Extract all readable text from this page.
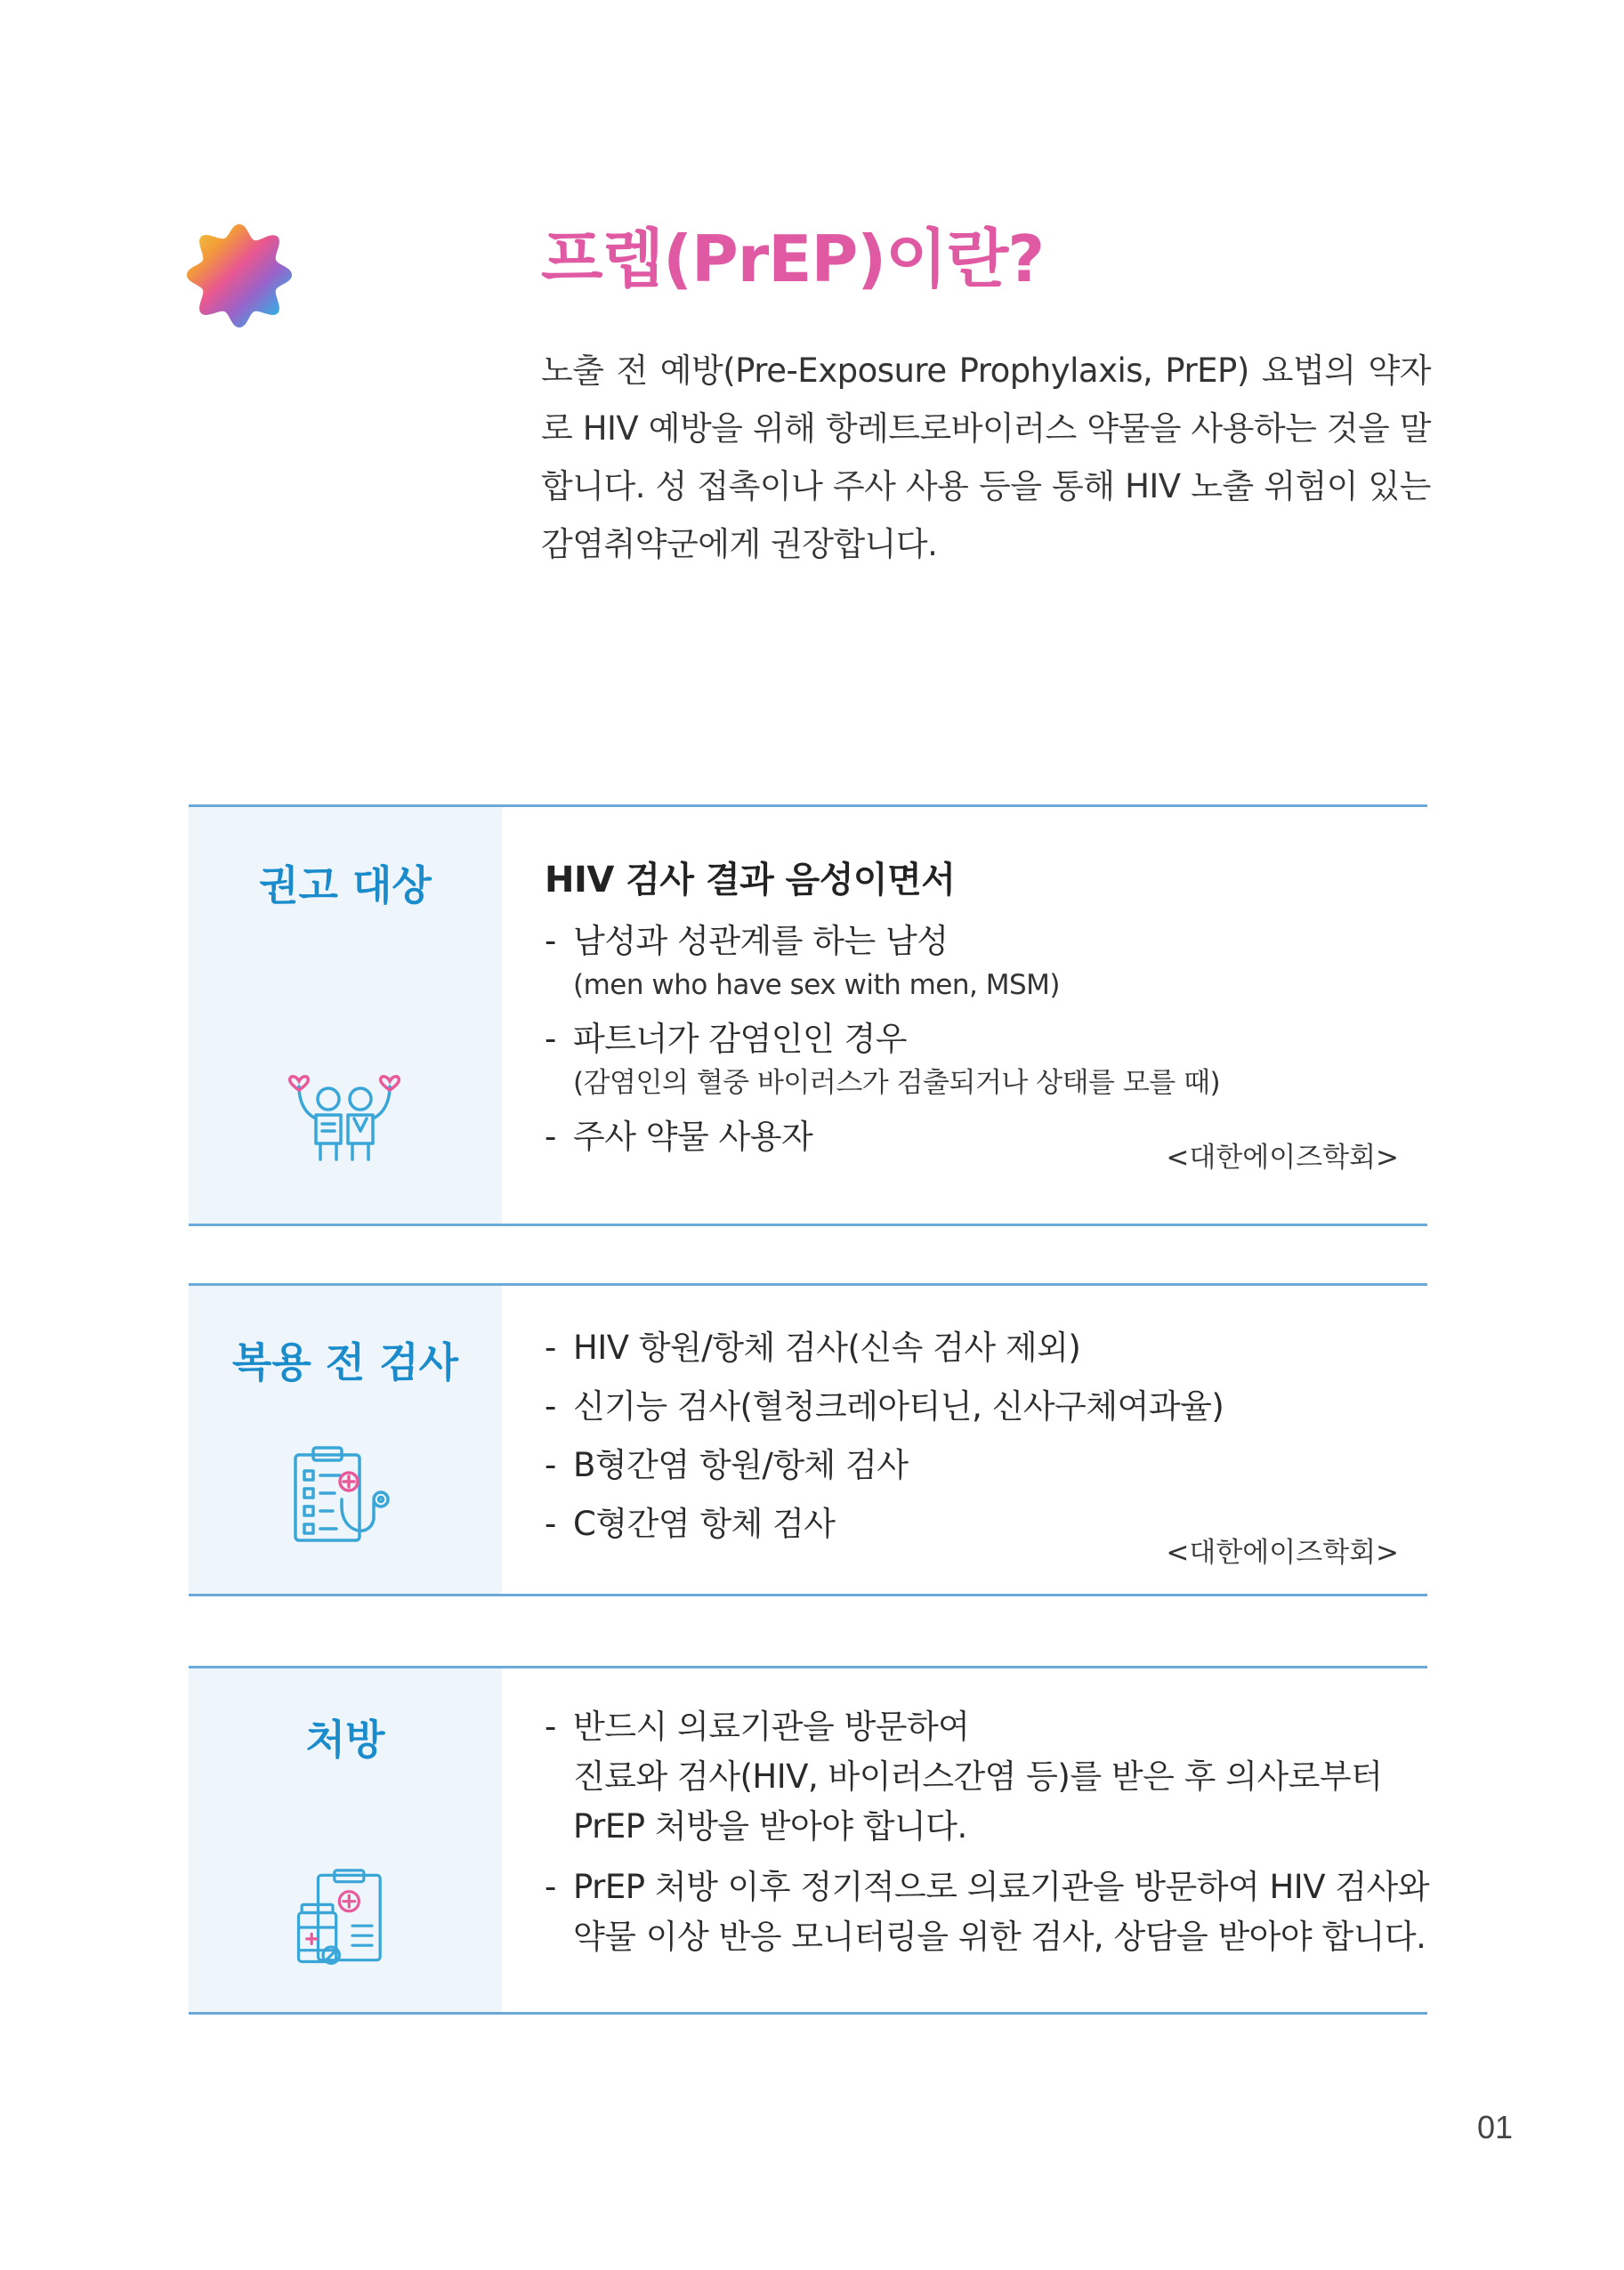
프렙(PrEP)이란?
노출 전 예방(Pre-Exposure Prophylaxis, PrEP) 요법의 약자로 HIV 예방을 위해 항레트로바이러스 약물을 사용하는 것을 말합니다. 성 접촉이나 주사 사용 등을 통해 HIV 노출 위험이 있는 감염취약군에게 권장합니다.
권고 대상	HIV 검사 결과 음성이면서
- 남성과 성관계를 하는 남성
(men who have sex with men, MSM)
- 파트너가 감염인인 경우
(감염인의 혈중 바이러스가 검출되거나 상태를 모를 때)
- 주사 약물 사용자
<대한에이즈학회>
복용 전 검사	- HIV 항원/항체 검사(신속 검사 제외)
- 신기능 검사(혈청크레아티닌, 신사구체여과율)
- B형간염 항원/항체 검사
- C형간염 항체 검사
<대한에이즈학회>
처방	- 반드시 의료기관을 방문하여
진료와 검사(HIV, 바이러스간염 등)를 받은 후 의사로부터
PrEP 처방을 받아야 합니다.
- PrEP 처방 이후 정기적으로 의료기관을 방문하여 HIV 검사와
약물 이상 반응 모니터링을 위한 검사, 상담을 받아야 합니다.
01
